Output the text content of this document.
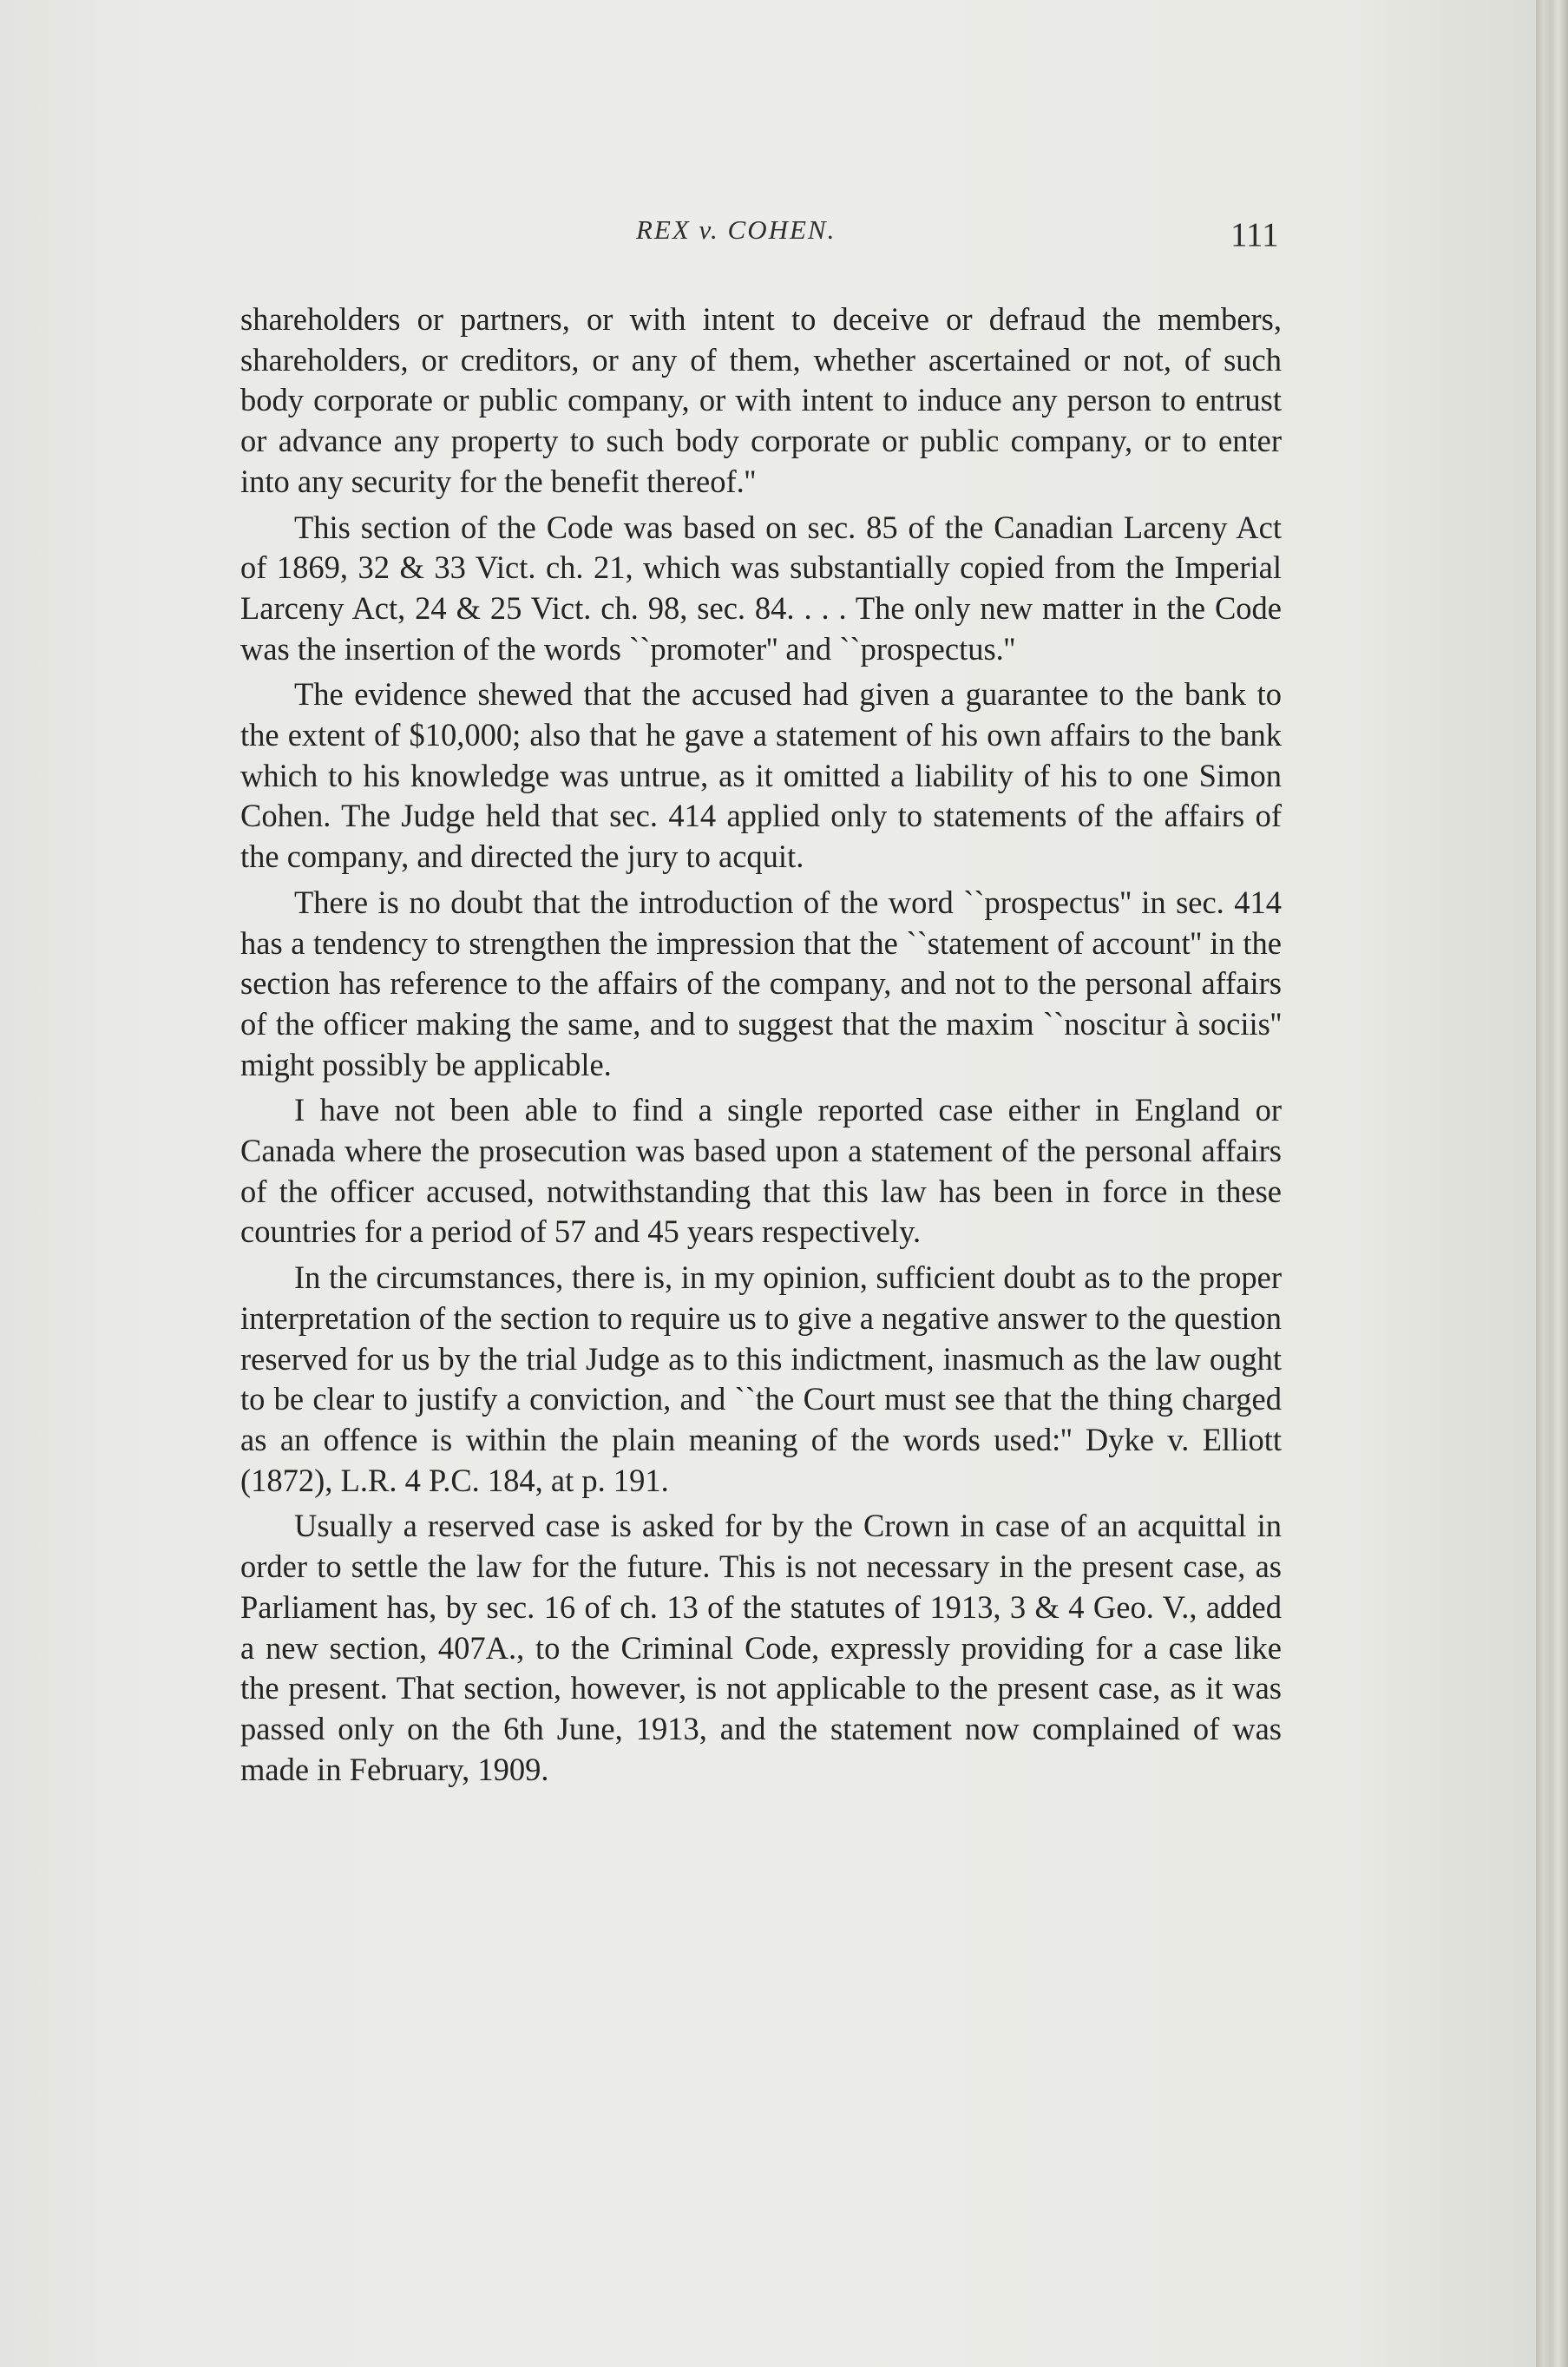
REX v. COHEN.	111

shareholders or partners, or with intent to deceive or defraud the members, shareholders, or creditors, or any of them, whether ascertained or not, of such body corporate or public company, or with intent to induce any person to entrust or advance any property to such body corporate or public company, or to enter into any security for the benefit thereof.''

This section of the Code was based on sec. 85 of the Canadian Larceny Act of 1869, 32 & 33 Vict. ch. 21, which was substantially copied from the Imperial Larceny Act, 24 & 25 Vict. ch. 98, sec. 84. . . . The only new matter in the Code was the insertion of the words ``promoter'' and ``prospectus.''

The evidence shewed that the accused had given a guarantee to the bank to the extent of $10,000; also that he gave a statement of his own affairs to the bank which to his knowledge was untrue, as it omitted a liability of his to one Simon Cohen. The Judge held that sec. 414 applied only to statements of the affairs of the company, and directed the jury to acquit.

There is no doubt that the introduction of the word ``prospectus'' in sec. 414 has a tendency to strengthen the impression that the ``statement of account'' in the section has reference to the affairs of the company, and not to the personal affairs of the officer making the same, and to suggest that the maxim ``noscitur à sociis'' might possibly be applicable.

I have not been able to find a single reported case either in England or Canada where the prosecution was based upon a statement of the personal affairs of the officer accused, notwithstanding that this law has been in force in these countries for a period of 57 and 45 years respectively.

In the circumstances, there is, in my opinion, sufficient doubt as to the proper interpretation of the section to require us to give a negative answer to the question reserved for us by the trial Judge as to this indictment, inasmuch as the law ought to be clear to justify a conviction, and ``the Court must see that the thing charged as an offence is within the plain meaning of the words used:'' Dyke v. Elliott (1872), L.R. 4 P.C. 184, at p. 191.

Usually a reserved case is asked for by the Crown in case of an acquittal in order to settle the law for the future. This is not necessary in the present case, as Parliament has, by sec. 16 of ch. 13 of the statutes of 1913, 3 & 4 Geo. V., added a new section, 407A., to the Criminal Code, expressly providing for a case like the present. That section, however, is not applicable to the present case, as it was passed only on the 6th June, 1913, and the statement now complained of was made in February, 1909.
